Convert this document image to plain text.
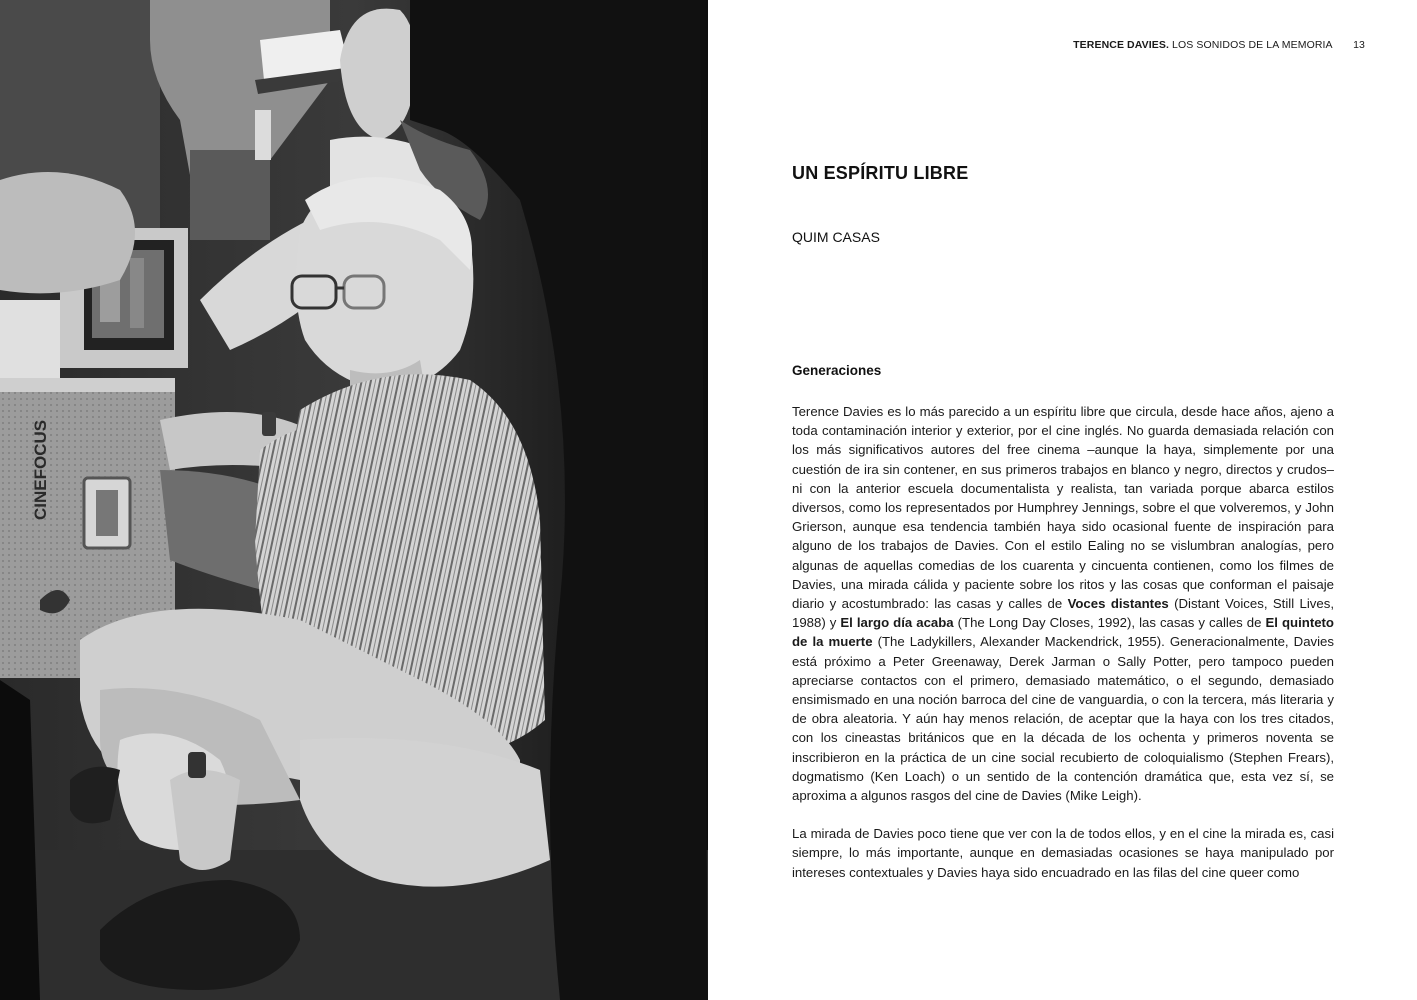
CINEFOCUS
TERENCE DAVIES. LOS SONIDOS DE LA MEMORIA 13
UN ESPÍRITU LIBRE

QUIM CASAS

Generaciones

Terence Davies es lo más parecido a un espíritu libre que circula, desde hace años, ajeno a toda contaminación interior y exterior, por el cine inglés. No guarda demasiada relación con los más significativos autores del free cinema –aunque la haya, simplemente por una cuestión de ira sin contener, en sus primeros trabajos en blanco y negro, directos y crudos– ni con la anterior escuela documentalista y realista, tan variada porque abarca estilos diversos, como los representados por Humphrey Jennings, sobre el que volveremos, y John Grierson, aunque esa tendencia también haya sido ocasional fuente de inspiración para alguno de los trabajos de Davies. Con el estilo Ealing no se vislumbran analogías, pero algunas de aquellas comedias de los cuarenta y cincuenta contienen, como los filmes de Davies, una mirada cálida y paciente sobre los ritos y las cosas que conforman el paisaje diario y acostumbrado: las casas y calles de Voces distantes (Distant Voices, Still Lives, 1988) y El largo día acaba (The Long Day Closes, 1992), las casas y calles de El quinteto de la muerte (The Ladykillers, Alexander Mackendrick, 1955). Generacionalmente, Davies está próximo a Peter Greenaway, Derek Jarman o Sally Potter, pero tampoco pueden apreciarse contactos con el primero, demasiado matemático, o el segundo, demasiado ensimismado en una noción barroca del cine de vanguardia, o con la tercera, más literaria y de obra aleatoria. Y aún hay menos relación, de aceptar que la haya con los tres citados, con los cineastas británicos que en la década de los ochenta y primeros noventa se inscribieron en la práctica de un cine social recubierto de coloquialismo (Stephen Frears), dogmatismo (Ken Loach) o un sentido de la contención dramática que, esta vez sí, se aproxima a algunos rasgos del cine de Davies (Mike Leigh).

La mirada de Davies poco tiene que ver con la de todos ellos, y en el cine la mirada es, casi siempre, lo más importante, aunque en demasiadas ocasiones se haya manipulado por intereses contextuales y Davies haya sido encuadrado en las filas del cine queer como
